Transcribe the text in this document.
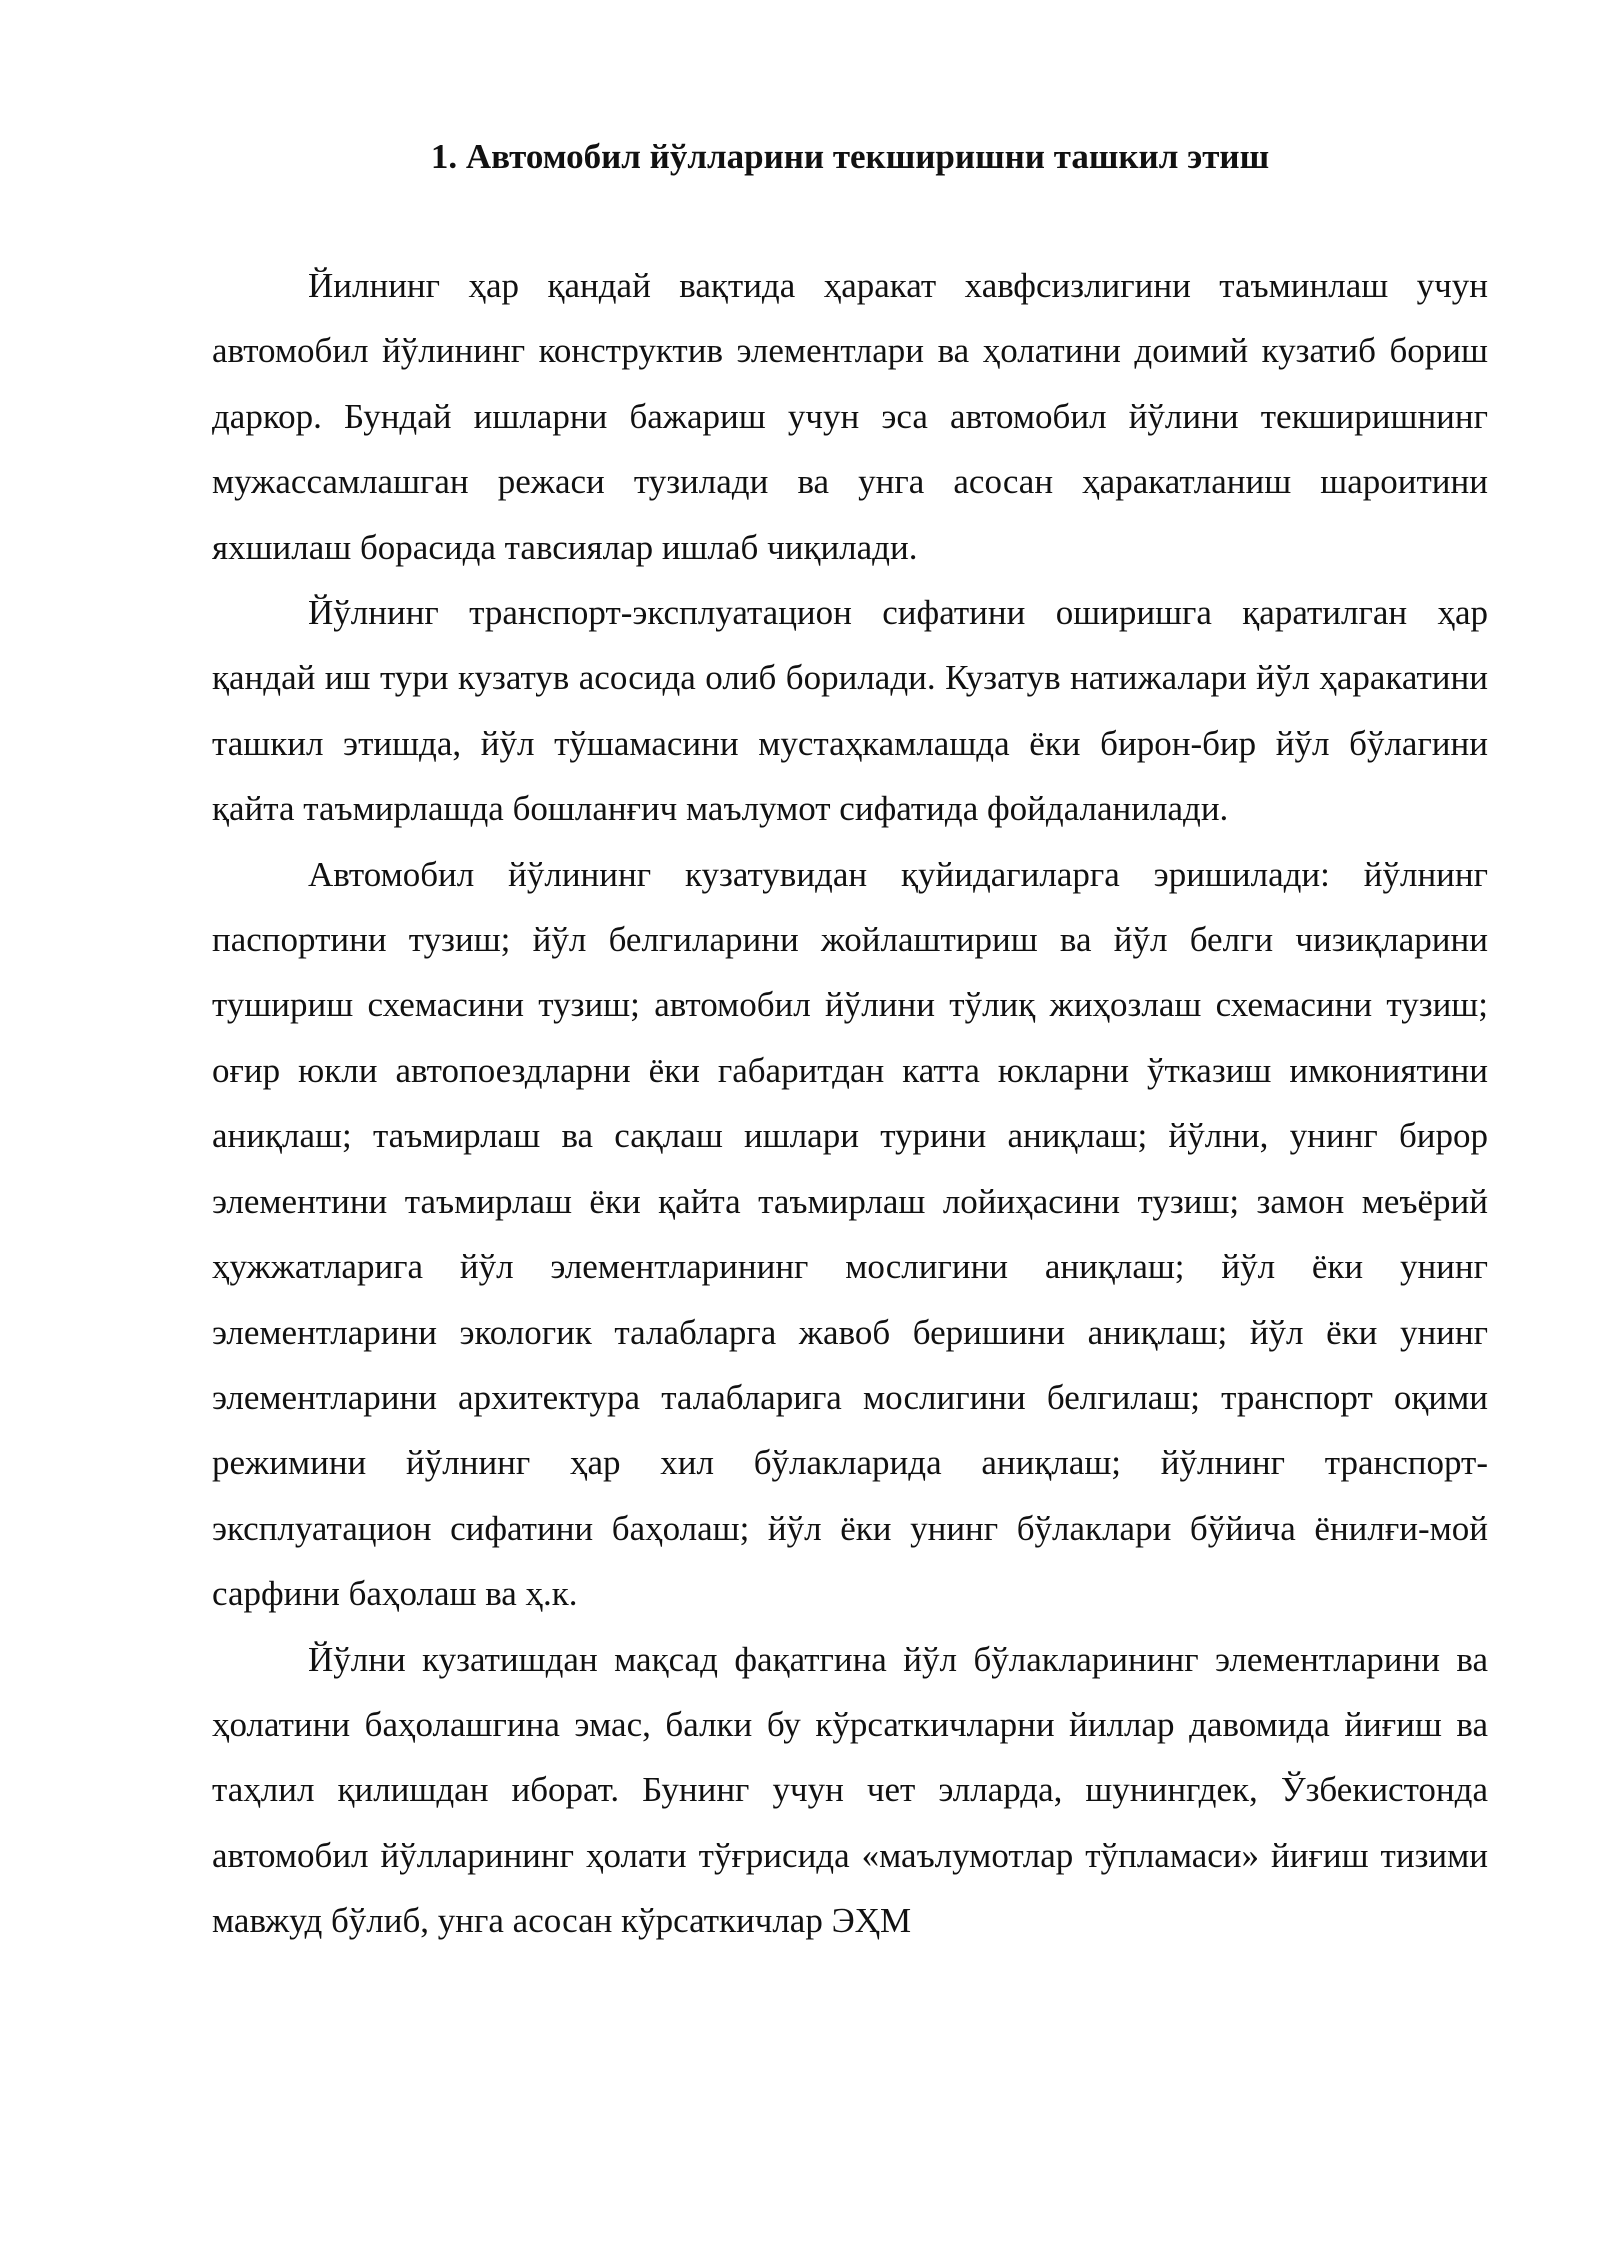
1. Автомобил йўлларини текширишни ташкил этиш

Йилнинг ҳар қандай вақтида ҳаракат хавфсизлигини таъминлаш учун автомобил йўлининг конструктив элементлари ва ҳолатини доимий кузатиб бориш даркор. Бундай ишларни бажариш учун эса автомобил йўлини текширишнинг мужассамлашган режаси тузилади ва унга асосан ҳаракатланиш шароитини яхшилаш борасида тавсиялар ишлаб чиқилади.

Йўлнинг транспорт-эксплуатацион сифатини оширишга қаратилган ҳар қандай иш тури кузатув асосида олиб борилади. Кузатув натижалари йўл ҳаракатини ташкил этишда, йўл тўшамасини мустаҳкамлашда ёки бирон-бир йўл бўлагини қайта таъмирлашда бошланғич маълумот сифатида фойдаланилади.

Автомобил йўлининг кузатувидан қуйидагиларга эришилади: йўлнинг паспортини тузиш; йўл белгиларини жойлаштириш ва йўл белги чизиқларини тушириш схемасини тузиш; автомобил йўлини тўлиқ жиҳозлаш схемасини тузиш; оғир юкли автопоездларни ёки габаритдан катта юкларни ўтказиш имкониятини аниқлаш; таъмирлаш ва сақлаш ишлари турини аниқлаш; йўлни, унинг бирор элементини таъмирлаш ёки қайта таъмирлаш лойиҳасини тузиш; замон меъёрий ҳужжатларига йўл элементларининг мослигини аниқлаш; йўл ёки унинг элементларини экологик талабларга жавоб беришини аниқлаш; йўл ёки унинг элементларини архитектура талабларига мослигини белгилаш; транспорт оқими режимини йўлнинг ҳар хил бўлакларида аниқлаш; йўлнинг транспорт-эксплуатацион сифатини баҳолаш; йўл ёки унинг бўлаклари бўйича ёнилғи-мой сарфини баҳолаш ва ҳ.к.

Йўлни кузатишдан мақсад фақатгина йўл бўлакларининг элементларини ва ҳолатини баҳолашгина эмас, балки бу кўрсаткичларни йиллар давомида йиғиш ва таҳлил қилишдан иборат. Бунинг учун чет элларда, шунингдек, Ўзбекистонда автомобил йўлларининг ҳолати тўғрисида «маълумотлар тўпламаси» йиғиш тизими мавжуд бўлиб, унга асосан кўрсаткичлар ЭҲМ
